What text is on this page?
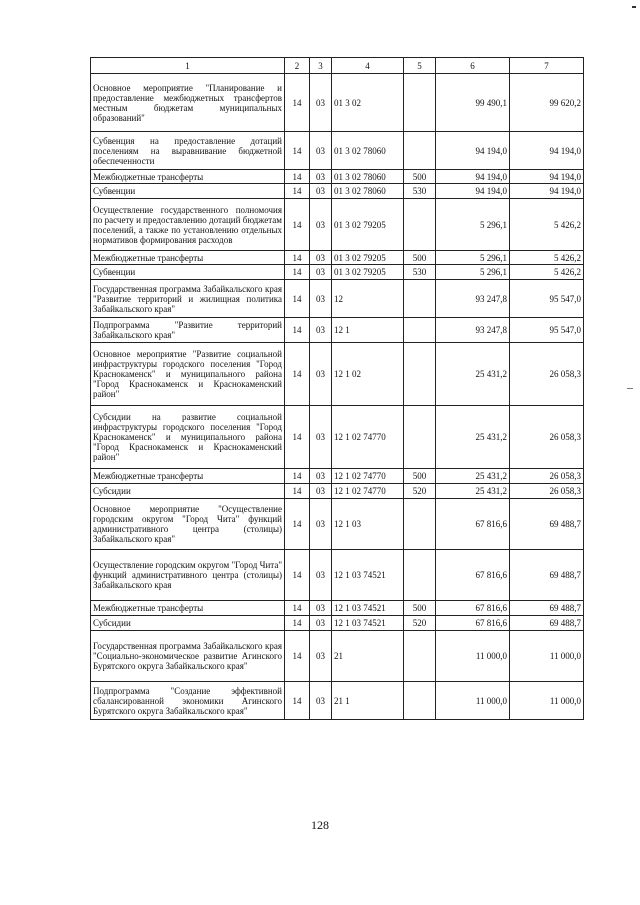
1	2	3	4	5	6	7
Основное мероприятие "Планирование и предоставление межбюджетных трансфертов местным бюджетам муниципальных образований"	14	03	01 3 02		99 490,1	99 620,2
Субвенция на предоставление дотаций поселениям на выравнивание бюджетной обеспеченности	14	03	01 3 02 78060		94 194,0	94 194,0
Межбюджетные трансферты	14	03	01 3 02 78060	500	94 194,0	94 194,0
Субвенции	14	03	01 3 02 78060	530	94 194,0	94 194,0
Осуществление государственного полномочия по расчету и предоставлению дотаций бюджетам поселений, а также по установлению отдельных нормативов формирования расходов	14	03	01 3 02 79205		5 296,1	5 426,2
Межбюджетные трансферты	14	03	01 3 02 79205	500	5 296,1	5 426,2
Субвенции	14	03	01 3 02 79205	530	5 296,1	5 426,2
Государственная программа Забайкальского края "Развитие территорий и жилищная политика Забайкальского края"	14	03	12		93 247,8	95 547,0
Подпрограмма "Развитие территорий Забайкальского края"	14	03	12 1		93 247,8	95 547,0
Основное мероприятие "Развитие социальной инфраструктуры городского поселения "Город Краснокаменск" и муниципального района "Город Краснокаменск и Краснокаменский район"	14	03	12 1 02		25 431,2	26 058,3
Субсидии на развитие социальной инфраструктуры городского поселения "Город Краснокаменск" и муниципального района "Город Краснокаменск и Краснокаменский район"	14	03	12 1 02 74770		25 431,2	26 058,3
Межбюджетные трансферты	14	03	12 1 02 74770	500	25 431,2	26 058,3
Субсидии	14	03	12 1 02 74770	520	25 431,2	26 058,3
Основное мероприятие "Осуществление городским округом "Город Чита" функций административного центра (столицы) Забайкальского края"	14	03	12 1 03		67 816,6	69 488,7
Осуществление городским округом "Город Чита" функций административного центра (столицы) Забайкальского края	14	03	12 1 03 74521		67 816,6	69 488,7
Межбюджетные трансферты	14	03	12 1 03 74521	500	67 816,6	69 488,7
Субсидии	14	03	12 1 03 74521	520	67 816,6	69 488,7
Государственная программа Забайкальского края "Социально-экономическое развитие Агинского Бурятского округа Забайкальского края"	14	03	21		11 000,0	11 000,0
Подпрограмма "Создание эффективной сбалансированной экономики Агинского Бурятского округа Забайкальского края"	14	03	21 1		11 000,0	11 000,0
128
